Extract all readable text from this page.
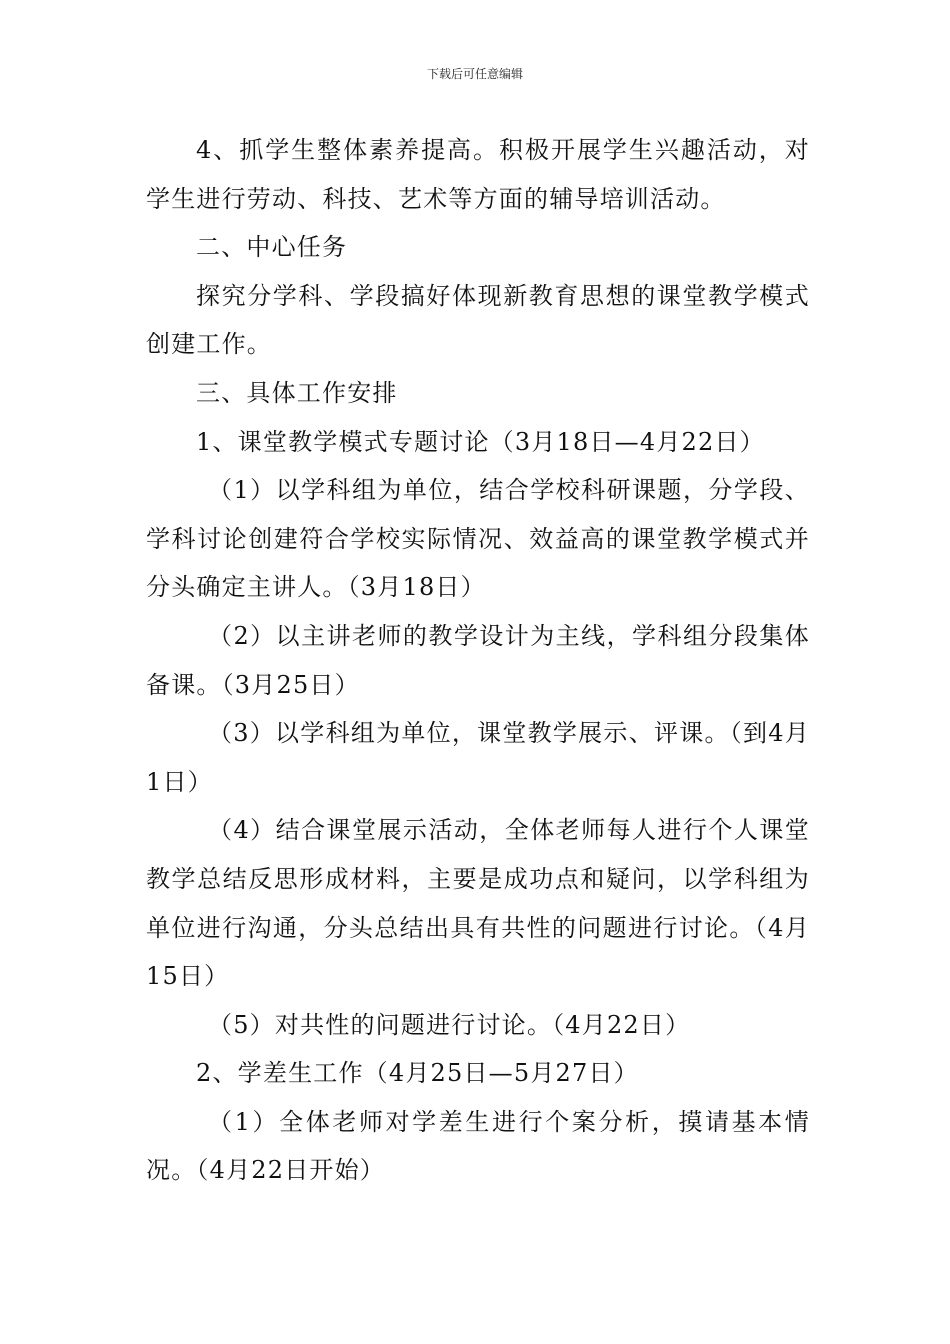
下载后可任意编辑

4、抓学生整体素养提高。积极开展学生兴趣活动，对学生进行劳动、科技、艺术等方面的辅导培训活动。

二、中心任务

探究分学科、学段搞好体现新教育思想的课堂教学模式创建工作。

三、具体工作安排

1、课堂教学模式专题讨论（3月18日—4月22日）

（1）以学科组为单位，结合学校科研课题，分学段、学科讨论创建符合学校实际情况、效益高的课堂教学模式并分头确定主讲人。（3月18日）

（2）以主讲老师的教学设计为主线，学科组分段集体备课。（3月25日）

（3）以学科组为单位，课堂教学展示、评课。（到4月1日）

（4）结合课堂展示活动，全体老师每人进行个人课堂教学总结反思形成材料，主要是成功点和疑问，以学科组为单位进行沟通，分头总结出具有共性的问题进行讨论。（4月15日）

（5）对共性的问题进行讨论。（4月22日）

2、学差生工作（4月25日—5月27日）

（1）全体老师对学差生进行个案分析，摸请基本情况。（4月22日开始）
